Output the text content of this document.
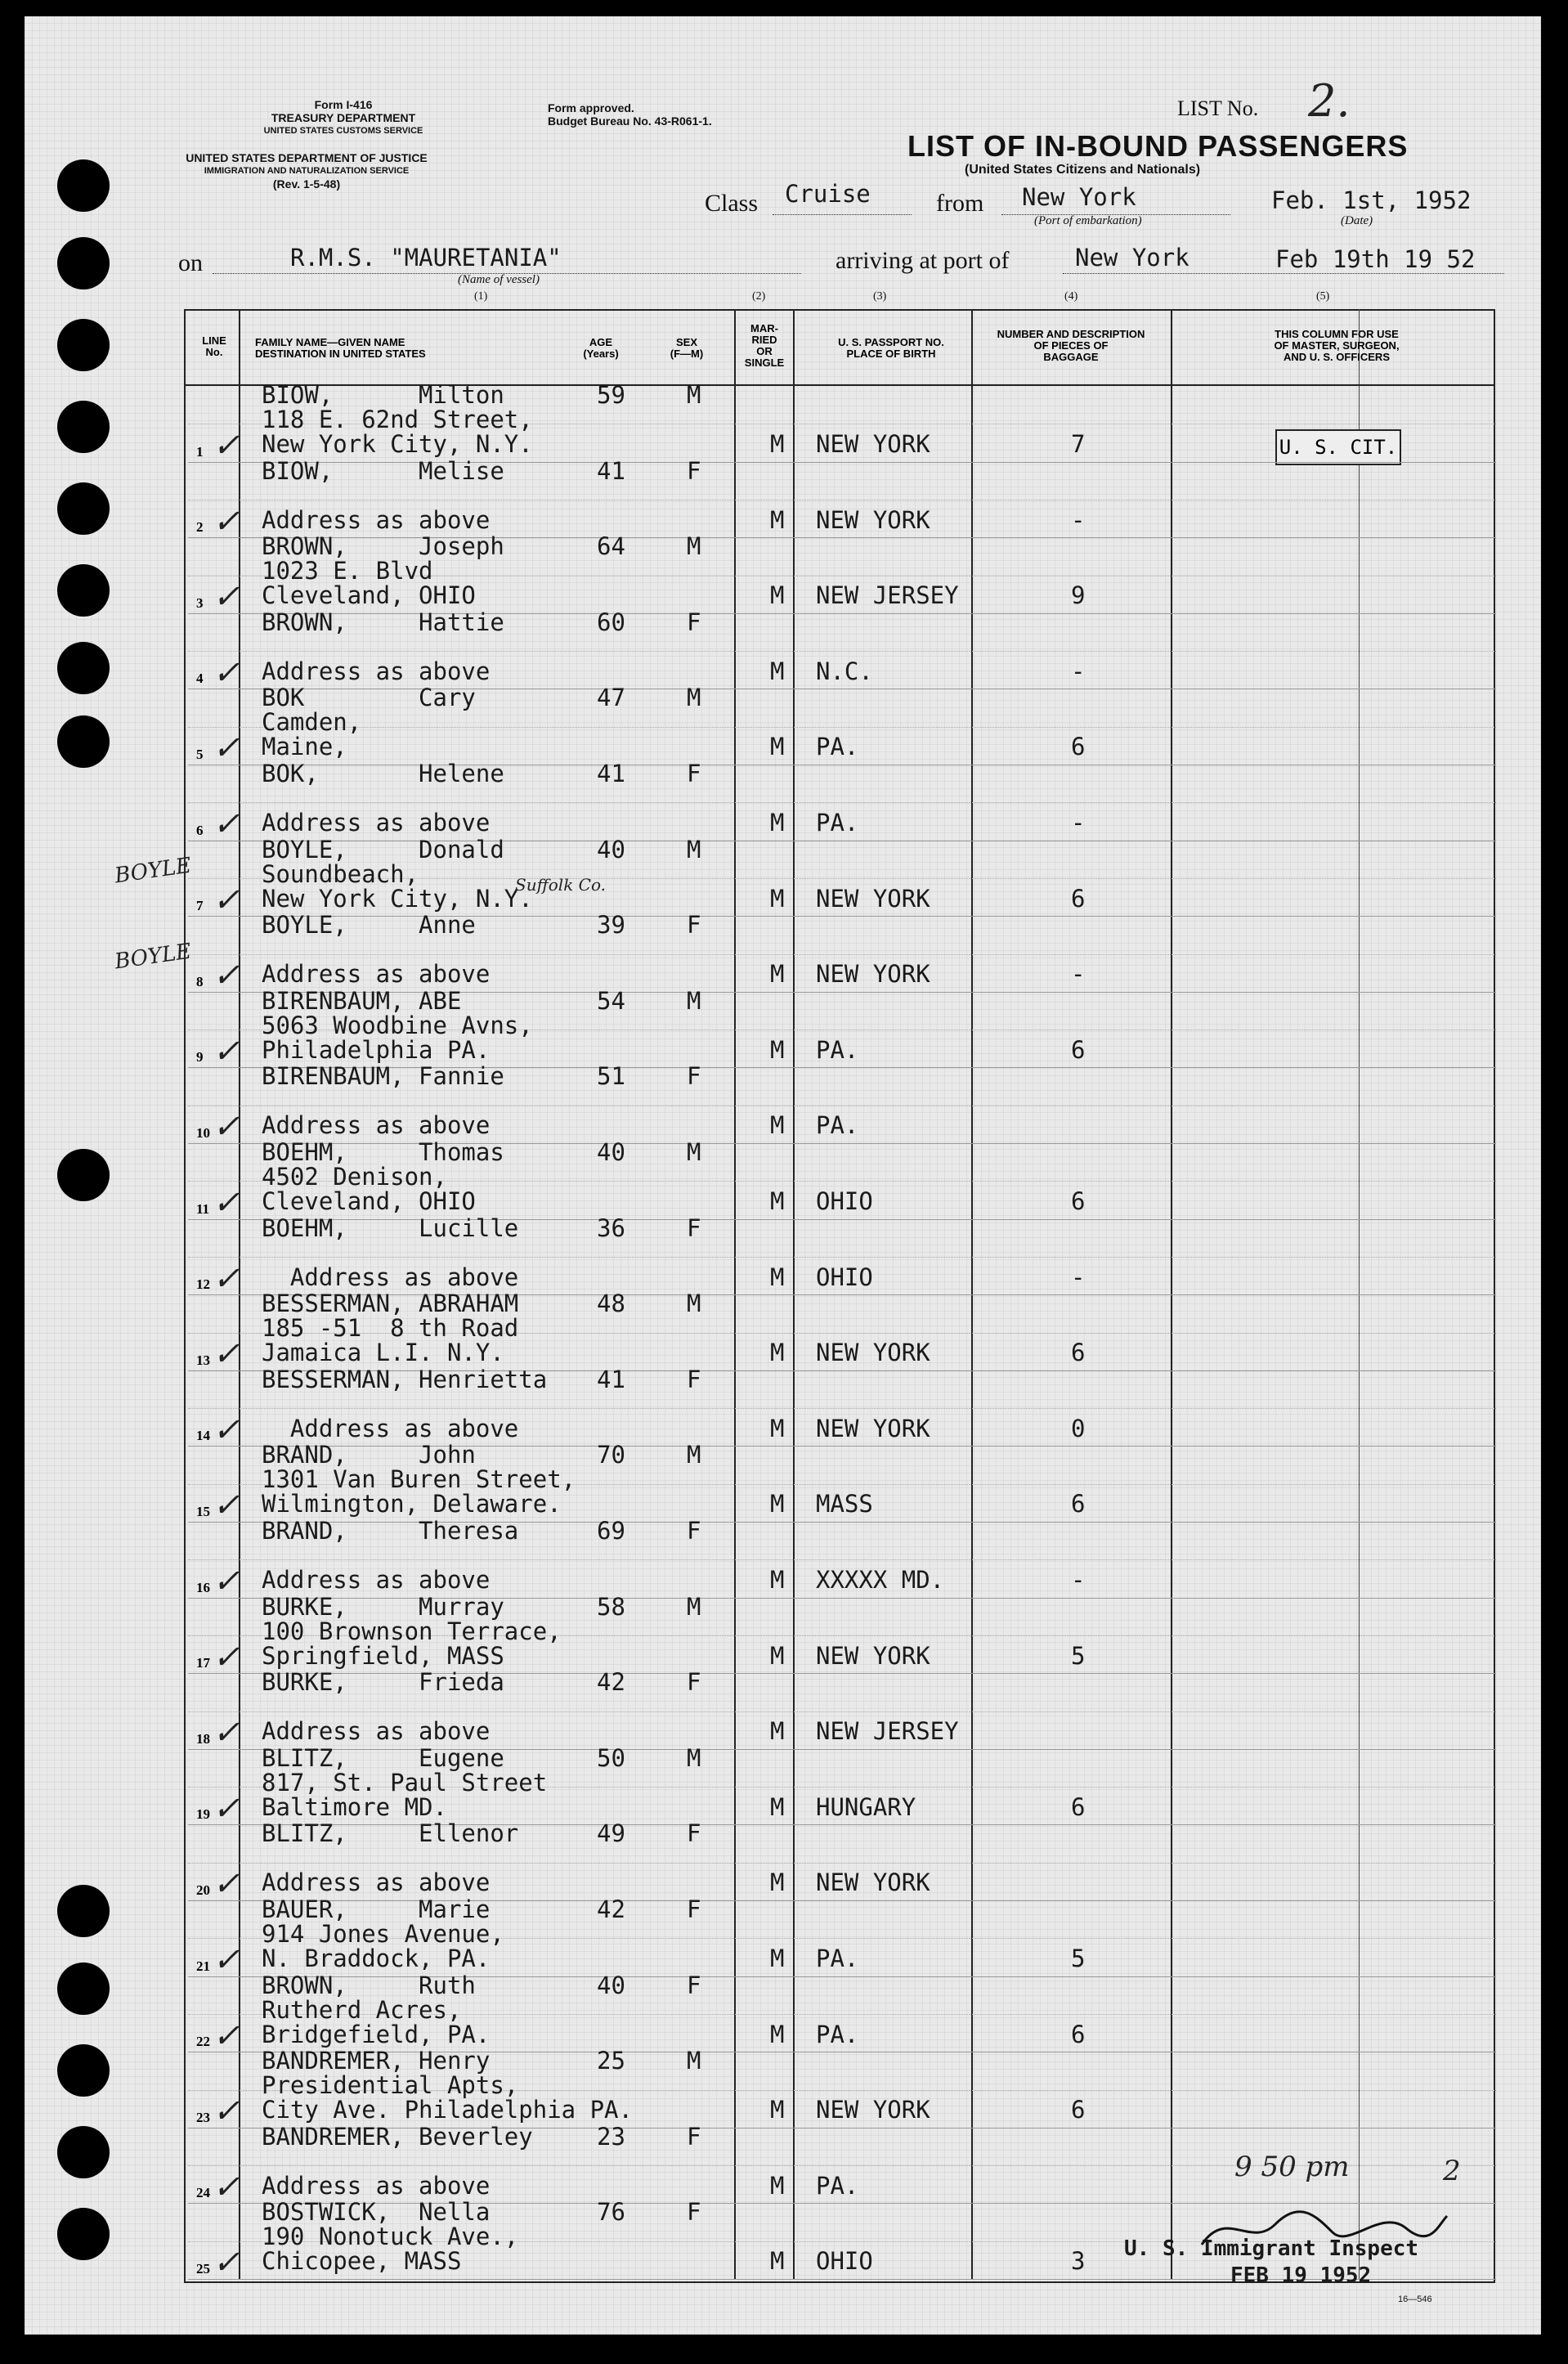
Form I-416
TREASURY DEPARTMENT
UNITED STATES CUSTOMS SERVICE
Form approved.
Budget Bureau No. 43-R061-1.
UNITED STATES DEPARTMENT OF JUSTICE
IMMIGRATION AND NATURALIZATION SERVICE
(Rev. 1-5-48)
LIST No. 2.
LIST OF IN-BOUND PASSENGERS
(United States Citizens and Nationals)
Class Cruise	from New York
(Port of embarkation)
Feb. 1st, 1952
(Date)
on	R.M.S. "MAURETANIA"
(Name of vessel)
arriving at port of	New York	Feb 19th 19 52
(1)	(2)	(3)	(4)	(5)
LINE
No.
FAMILY NAME—GIVEN NAME
DESTINATION IN UNITED STATES
AGE
(Years)
SEX
(F—M)
MAR-
RIED
OR
SINGLE
U. S. PASSPORT NO.
PLACE OF BIRTH
NUMBER AND DESCRIPTION
OF PIECES OF
BAGGAGE
THIS COLUMN FOR USE
OF MASTER, SURGEON,
AND U. S. OFFICERS
U. S. CIT.
1
BIOW,      Milton	59	M
118 E. 62nd Street,
New York City, N.Y.	M NEW YORK	7
✓
2
BIOW,      Melise	41	F
Address as above	M NEW YORK	-
✓
3
BROWN,     Joseph	64	M
1023 E. Blvd
Cleveland, OHIO	M NEW JERSEY	9
✓
4
BROWN,     Hattie	60	F
Address as above	M N.C.	-
✓
5
BOK        Cary	47	M
Camden,
Maine,	M PA.	6
✓
6
BOK,       Helene	41	F
Address as above	M PA.	-
✓
7
BOYLE,     Donald	40	M
Soundbeach,
New York City, N.Y.	M NEW YORK	6
✓
8
BOYLE,     Anne	39	F
Address as above	M NEW YORK	-
✓
9
BIRENBAUM, ABE	54	M
5063 Woodbine Avns,
Philadelphia PA.	M PA.	6
✓
10
BIRENBAUM, Fannie	51	F
Address as above	M PA.
✓
11
BOEHM,     Thomas	40	M
4502 Denison,
Cleveland, OHIO	M OHIO	6
✓
12
BOEHM,     Lucille	36	F
Address as above	M OHIO	-
✓
13
BESSERMAN, ABRAHAM	48	M
185 -51  8 th Road
Jamaica L.I. N.Y.	M NEW YORK	6
✓
14
BESSERMAN, Henrietta 41	F
Address as above	M NEW YORK	0
✓
15
BRAND,     John	70	M
1301 Van Buren Street,
Wilmington, Delaware.	M MASS	6
✓
16
BRAND,     Theresa	69	F
Address as above	M XXXXX MD.	-
✓
17
BURKE,     Murray	58	M
100 Brownson Terrace,
Springfield, MASS	M NEW YORK	5
✓
18
BURKE,     Frieda	42	F
Address as above	M NEW JERSEY
✓
19
BLITZ,     Eugene	50	M
817, St. Paul Street
Baltimore MD.	M HUNGARY	6
✓
20
BLITZ,     Ellenor	49	F
Address as above	M NEW YORK
✓
21
BAUER,     Marie	42	F
914 Jones Avenue,
N. Braddock, PA.	M PA.	5
✓
22
BROWN,     Ruth	40	F
Rutherd Acres,
Bridgefield, PA.	M PA.	6
✓
23
BANDREMER, Henry	25	M
Presidential Apts,
City Ave. Philadelphia PA.	M NEW YORK	6
✓
24
BANDREMER, Beverley	23	F
Address as above	M PA.
✓
25
BOSTWICK,  Nella	76	F
190 Nonotuck Ave.,
Chicopee, MASS	M OHIO	3
✓
BOYLE
BOYLE
Suffolk Co.
9 50 pm	2
U. S. Immigrant Inspect
FEB 19 1952
16—546
